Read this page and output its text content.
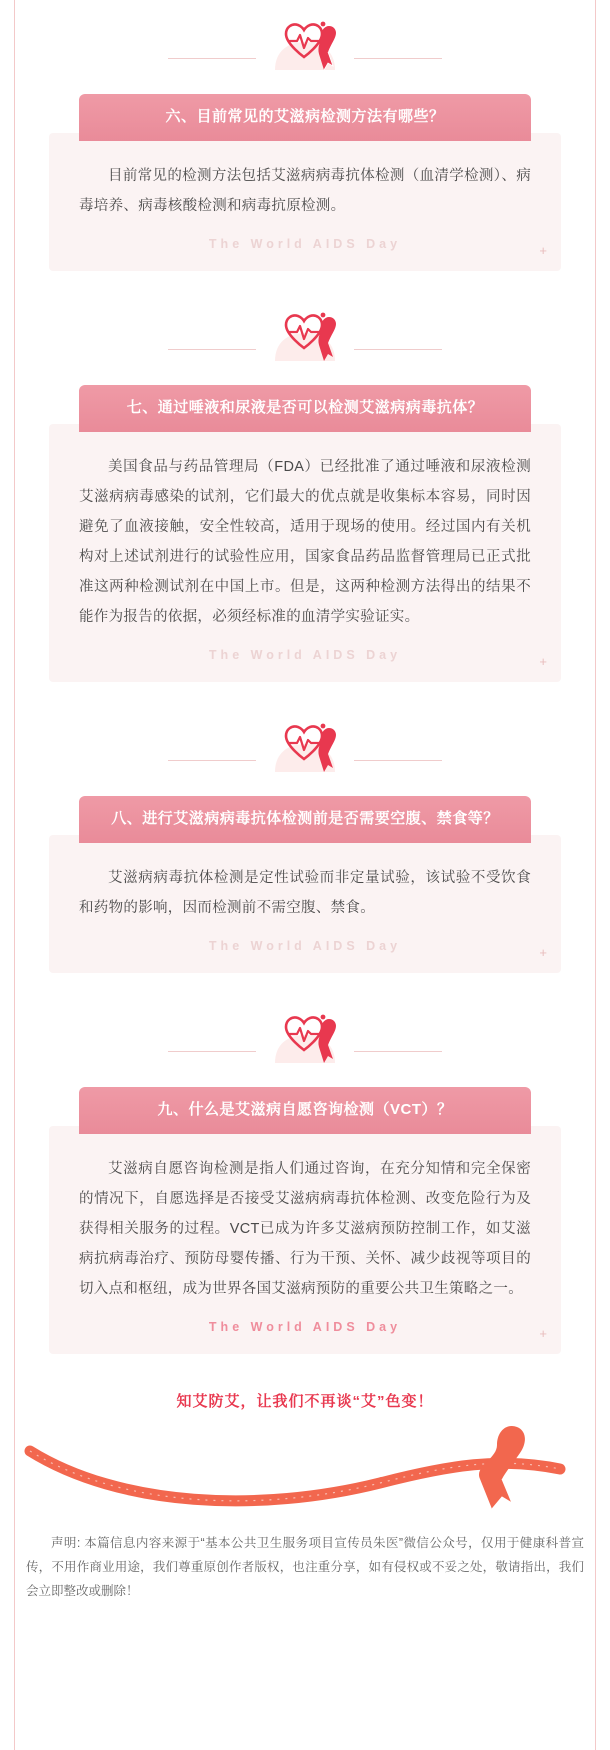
六、目前常见的艾滋病检测方法有哪些？
目前常见的检测方法包括艾滋病病毒抗体检测（血清学检测）、病毒培养、病毒核酸检测和病毒抗原检测。
The World AIDS Day	+
七、通过唾液和尿液是否可以检测艾滋病病毒抗体？
美国食品与药品管理局（FDA）已经批准了通过唾液和尿液检测艾滋病病毒感染的试剂，它们最大的优点就是收集标本容易，同时因避免了血液接触，安全性较高，适用于现场的使用。经过国内有关机构对上述试剂进行的试验性应用，国家食品药品监督管理局已正式批准这两种检测试剂在中国上市。但是，这两种检测方法得出的结果不能作为报告的依据，必须经标准的血清学实验证实。
The World AIDS Day	+
八、进行艾滋病病毒抗体检测前是否需要空腹、禁食等？
艾滋病病毒抗体检测是定性试验而非定量试验，该试验不受饮食和药物的影响，因而检测前不需空腹、禁食。
The World AIDS Day	+
九、什么是艾滋病自愿咨询检测（VCT）？
艾滋病自愿咨询检测是指人们通过咨询，在充分知情和完全保密的情况下，自愿选择是否接受艾滋病病毒抗体检测、改变危险行为及获得相关服务的过程。VCT已成为许多艾滋病预防控制工作，如艾滋病抗病毒治疗、预防母婴传播、行为干预、关怀、减少歧视等项目的切入点和枢纽，成为世界各国艾滋病预防的重要公共卫生策略之一。
The World AIDS Day	+
知艾防艾，让我们不再谈“艾”色变！
声明: 本篇信息内容来源于“基本公共卫生服务项目宣传员朱医”微信公众号，仅用于健康科普宣传，不用作商业用途，我们尊重原创作者版权，也注重分享，如有侵权或不妥之处，敬请指出，我们会立即整改或删除！
